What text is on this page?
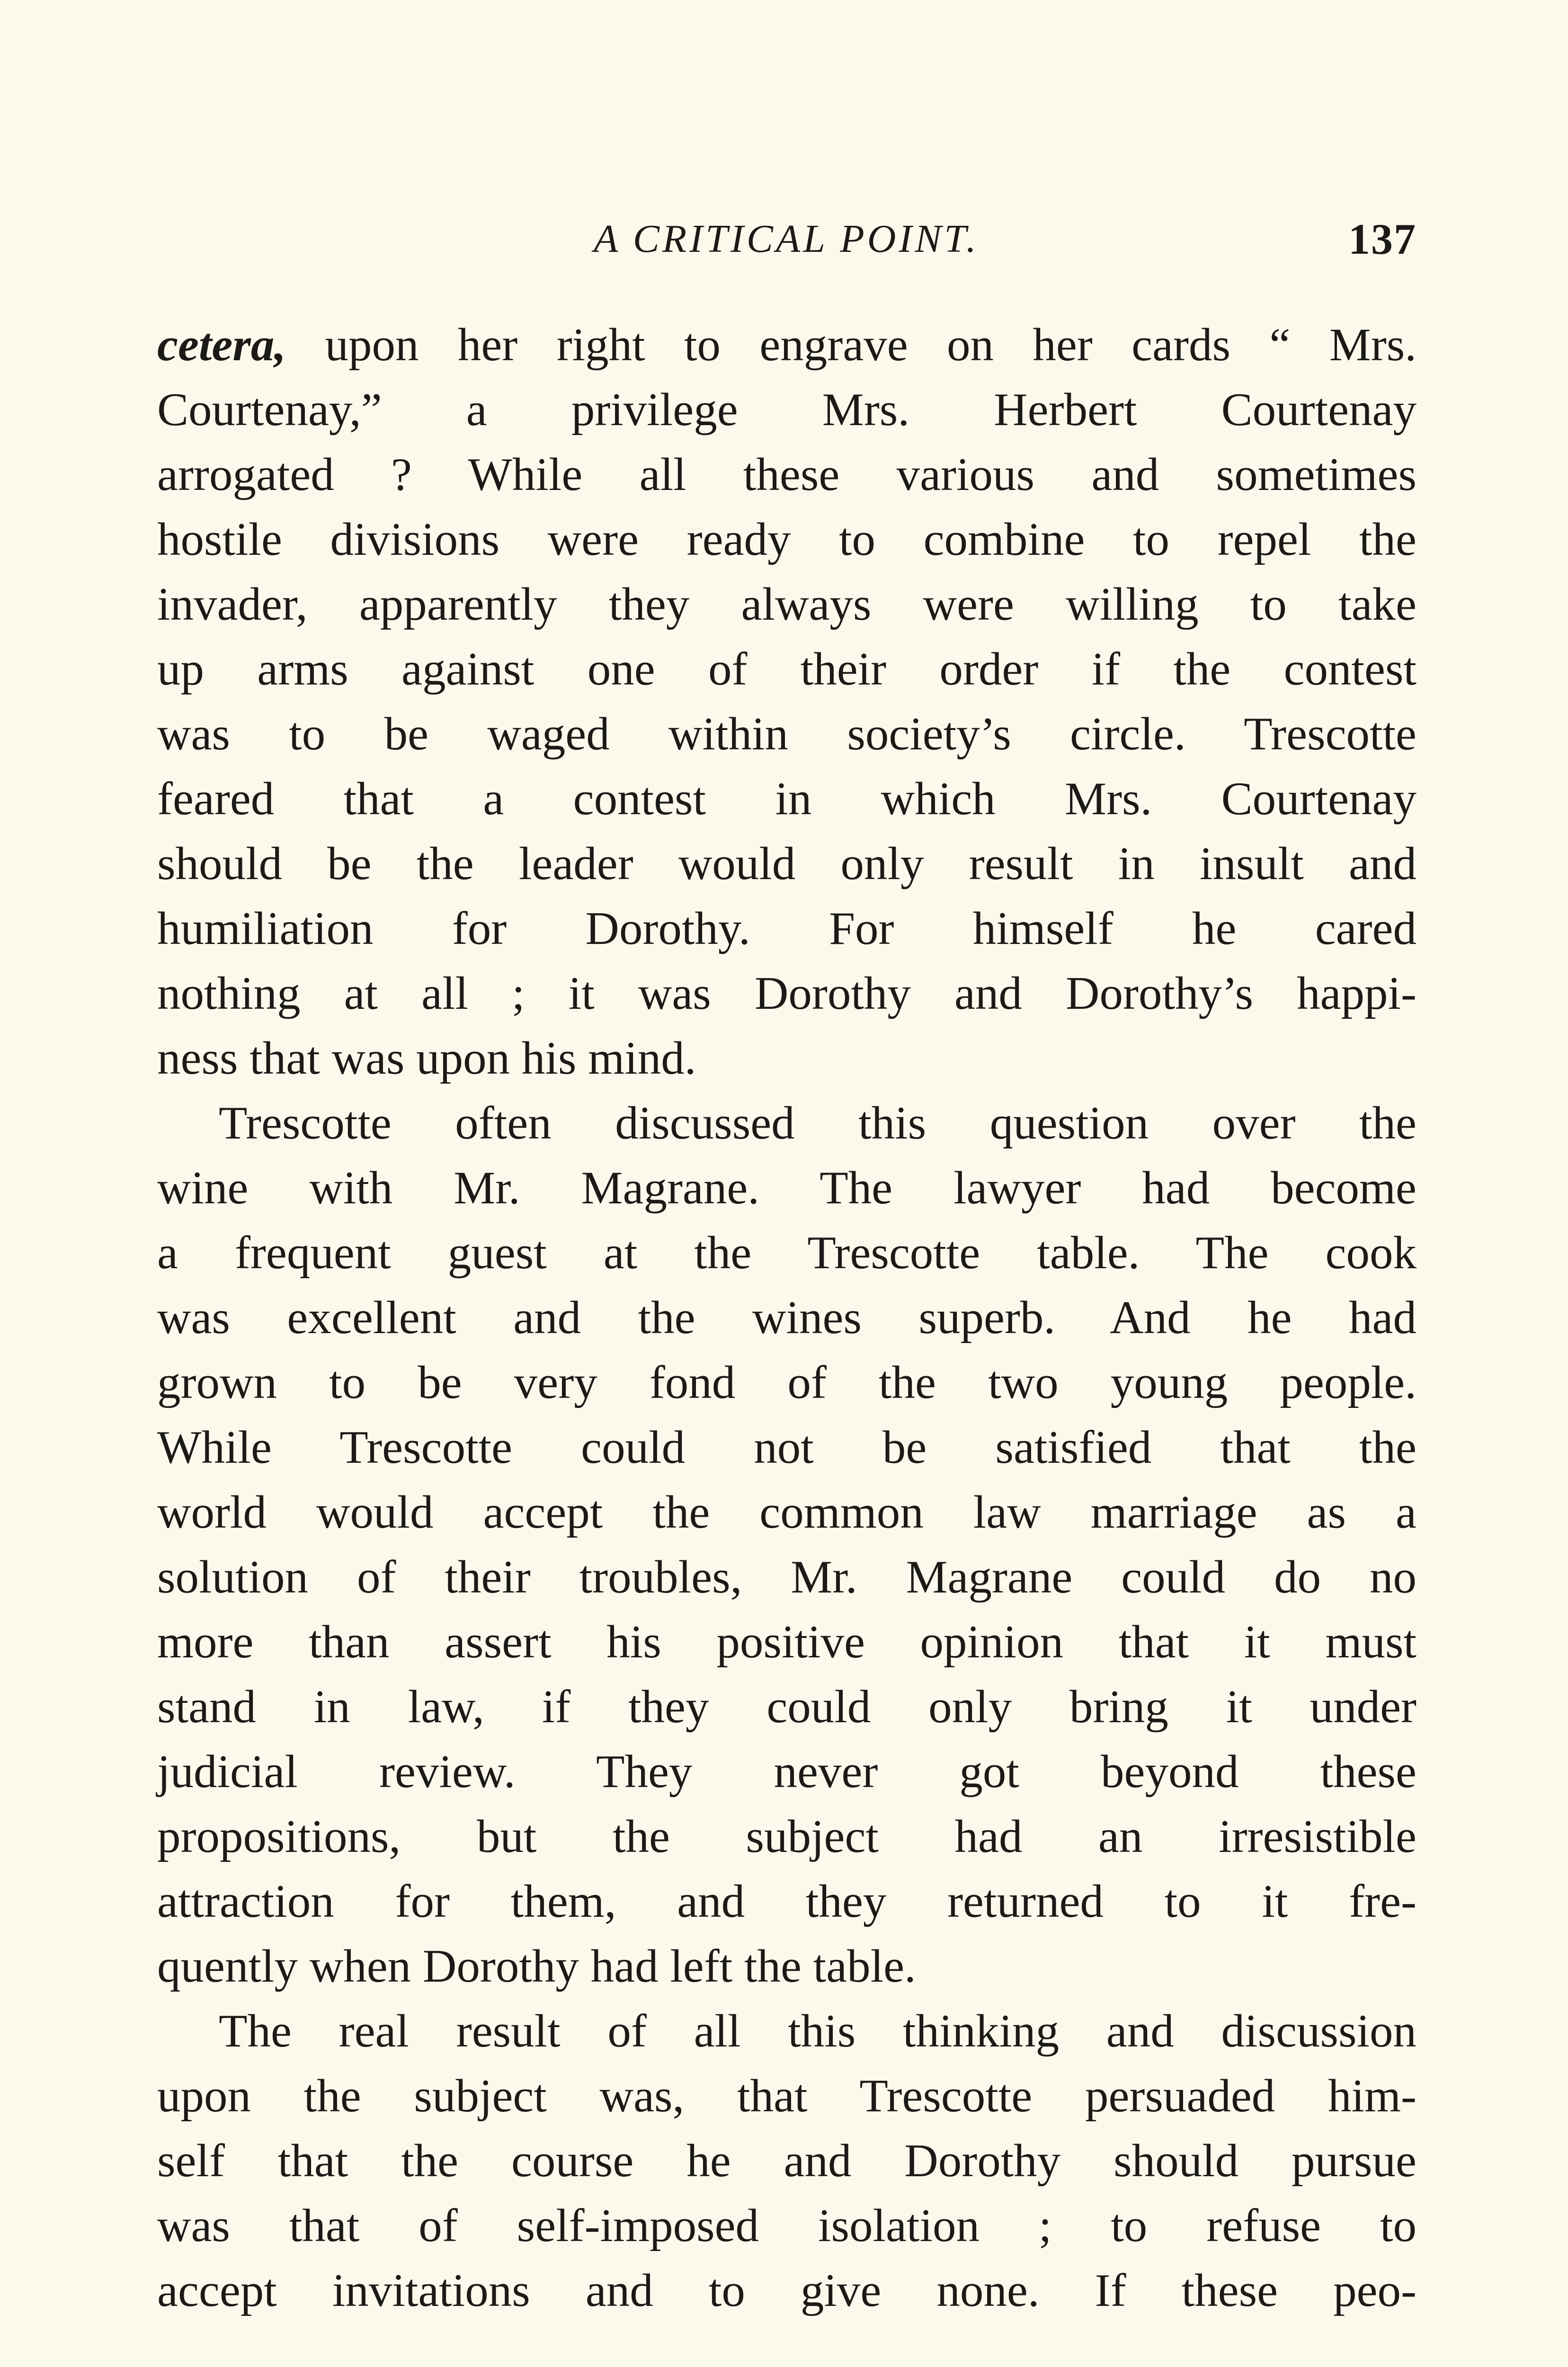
A CRITICAL POINT.	137
cetera, upon her right to engrave on her cards “ Mrs.
Courtenay,” a privilege Mrs. Herbert Courtenay
arrogated ? While all these various and sometimes
hostile divisions were ready to combine to repel the
invader, apparently they always were willing to take
up arms against one of their order if the contest
was to be waged within society’s circle. Trescotte
feared that a contest in which Mrs. Courtenay
should be the leader would only result in insult and
humiliation for Dorothy. For himself he cared
nothing at all ; it was Dorothy and Dorothy’s happi-
ness that was upon his mind.
Trescotte often discussed this question over the
wine with Mr. Magrane. The lawyer had become
a frequent guest at the Trescotte table. The cook
was excellent and the wines superb. And he had
grown to be very fond of the two young people.
While Trescotte could not be satisfied that the
world would accept the common law marriage as a
solution of their troubles, Mr. Magrane could do no
more than assert his positive opinion that it must
stand in law, if they could only bring it under
judicial review. They never got beyond these
propositions, but the subject had an irresistible
attraction for them, and they returned to it fre-
quently when Dorothy had left the table.
The real result of all this thinking and discussion
upon the subject was, that Trescotte persuaded him-
self that the course he and Dorothy should pursue
was that of self-imposed isolation ; to refuse to
accept invitations and to give none. If these peo-
